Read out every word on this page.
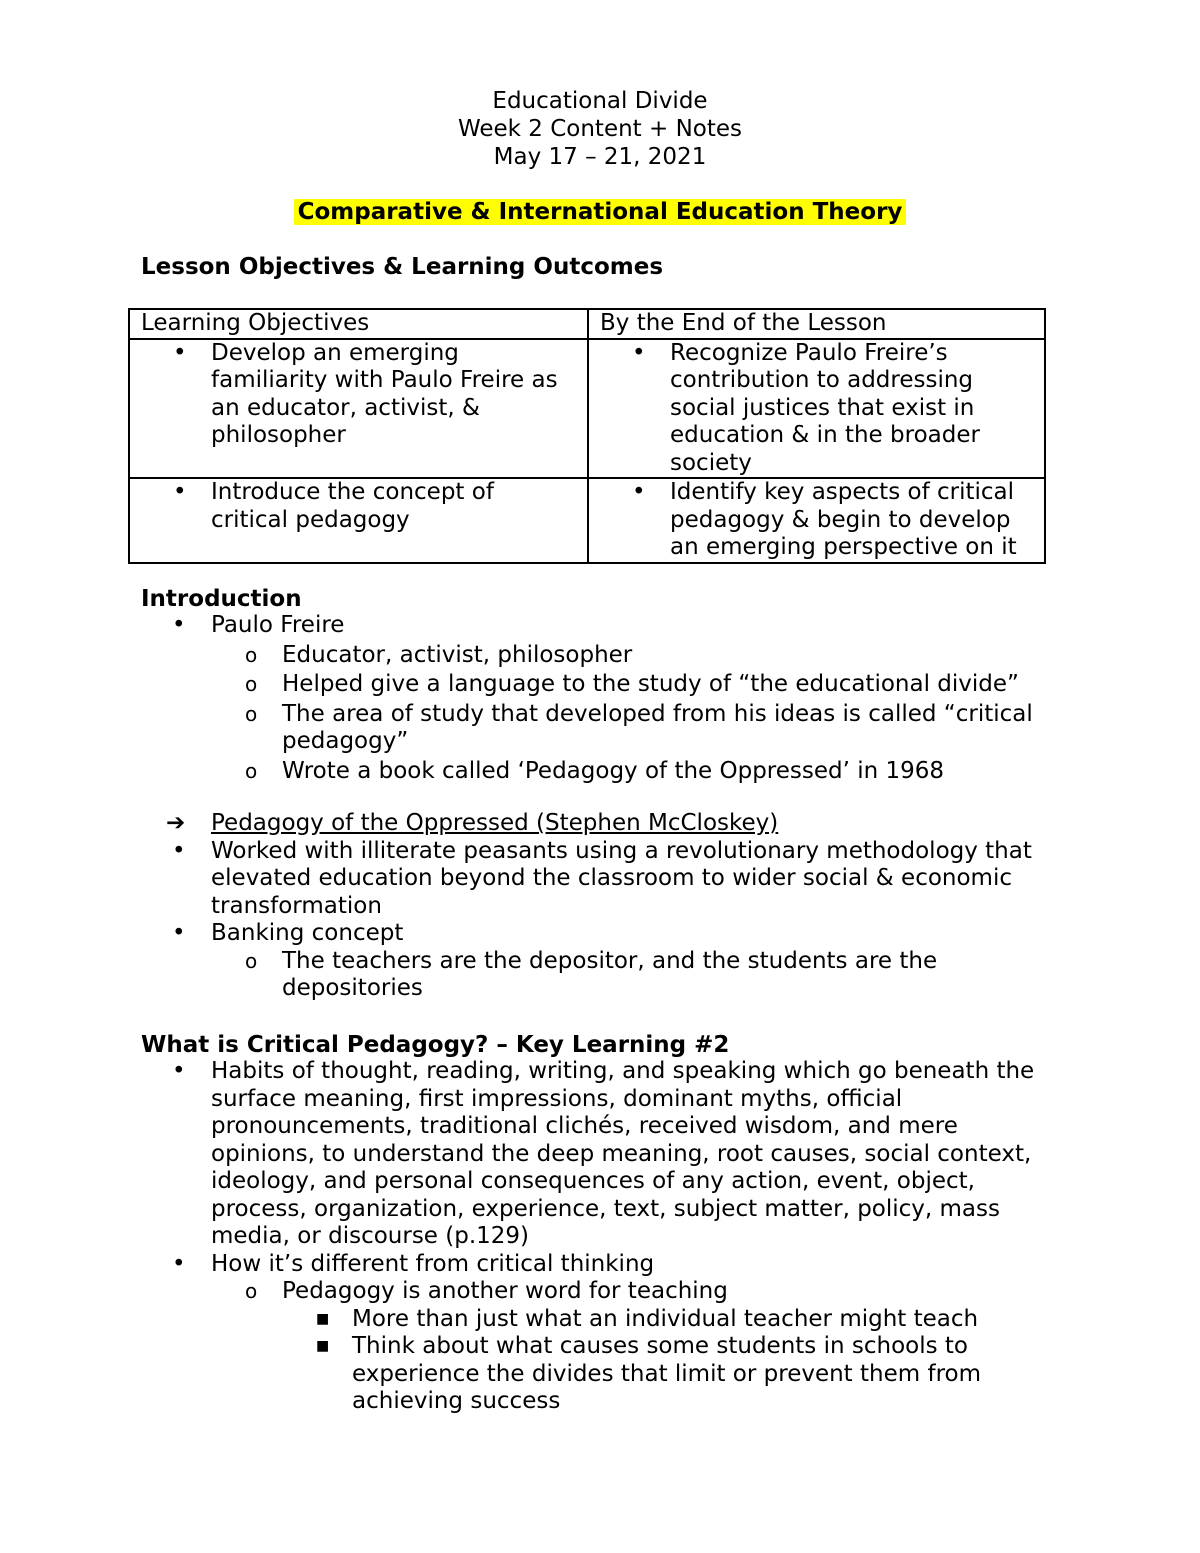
Educational Divide
Week 2 Content + Notes
May 17 – 21, 2021
Comparative & International Education Theory
Lesson Objectives & Learning Outcomes
Learning Objectives	By the End of the Lesson

• Develop an emerging familiarity with Paulo Freire as an educator, activist, & philosopher	• Recognize Paulo Freire’s contribution to addressing social justices that exist in education & in the broader society

• Introduce the concept of critical pedagogy	• Identify key aspects of critical pedagogy & begin to develop an emerging perspective on it
Introduction
• Paulo Freire
o Educator, activist, philosopher
o Helped give a language to the study of “the educational divide”
o The area of study that developed from his ideas is called “critical pedagogy”
o Wrote a book called ‘Pedagogy of the Oppressed’ in 1968
➔ Pedagogy of the Oppressed (Stephen McCloskey)
• Worked with illiterate peasants using a revolutionary methodology that elevated education beyond the classroom to wider social & economic transformation
• Banking concept
o The teachers are the depositor, and the students are the depositories
What is Critical Pedagogy? – Key Learning #2
• Habits of thought, reading, writing, and speaking which go beneath the surface meaning, first impressions, dominant myths, official pronouncements, traditional clichés, received wisdom, and mere opinions, to understand the deep meaning, root causes, social context, ideology, and personal consequences of any action, event, object, process, organization, experience, text, subject matter, policy, mass media, or discourse (p.129)
• How it’s different from critical thinking
o Pedagogy is another word for teaching
■ More than just what an individual teacher might teach
■ Think about what causes some students in schools to experience the divides that limit or prevent them from achieving success
